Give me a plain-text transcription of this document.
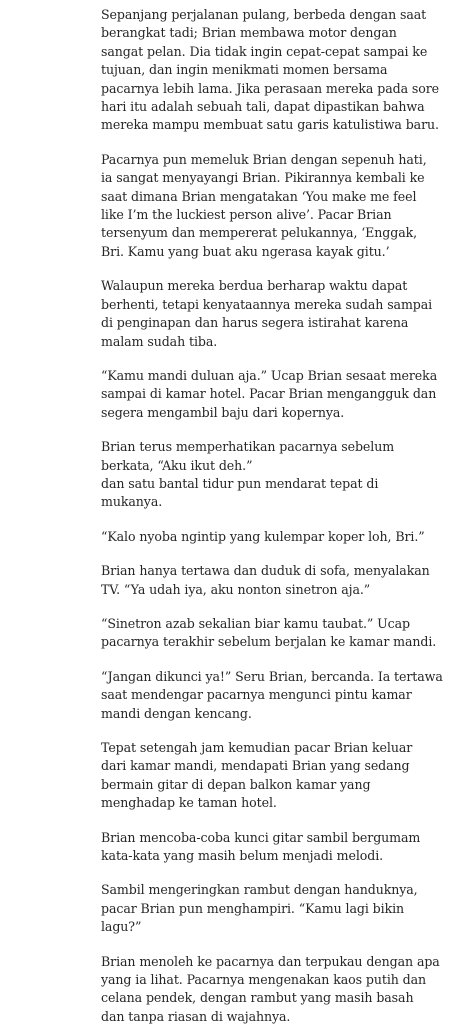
Sepanjang perjalanan pulang, berbeda dengan saat
berangkat tadi; Brian membawa motor dengan
sangat pelan. Dia tidak ingin cepat-cepat sampai ke
tujuan, dan ingin menikmati momen bersama
pacarnya lebih lama. Jika perasaan mereka pada sore
hari itu adalah sebuah tali, dapat dipastikan bahwa
mereka mampu membuat satu garis katulistiwa baru.

Pacarnya pun memeluk Brian dengan sepenuh hati,
ia sangat menyayangi Brian. Pikirannya kembali ke
saat dimana Brian mengatakan ‘You make me feel
like I’m the luckiest person alive’. Pacar Brian
tersenyum dan mempererat pelukannya, ‘Enggak,
Bri. Kamu yang buat aku ngerasa kayak gitu.’

Walaupun mereka berdua berharap waktu dapat
berhenti, tetapi kenyataannya mereka sudah sampai
di penginapan dan harus segera istirahat karena
malam sudah tiba.

“Kamu mandi duluan aja.” Ucap Brian sesaat mereka
sampai di kamar hotel. Pacar Brian mengangguk dan
segera mengambil baju dari kopernya.

Brian terus memperhatikan pacarnya sebelum
berkata, “Aku ikut deh.”
dan satu bantal tidur pun mendarat tepat di
mukanya.

“Kalo nyoba ngintip yang kulempar koper loh, Bri.”

Brian hanya tertawa dan duduk di sofa, menyalakan
TV. “Ya udah iya, aku nonton sinetron aja.”

“Sinetron azab sekalian biar kamu taubat.” Ucap
pacarnya terakhir sebelum berjalan ke kamar mandi.

“Jangan dikunci ya!” Seru Brian, bercanda. Ia tertawa
saat mendengar pacarnya mengunci pintu kamar
mandi dengan kencang.

Tepat setengah jam kemudian pacar Brian keluar
dari kamar mandi, mendapati Brian yang sedang
bermain gitar di depan balkon kamar yang
menghadap ke taman hotel.

Brian mencoba-coba kunci gitar sambil bergumam
kata-kata yang masih belum menjadi melodi.

Sambil mengeringkan rambut dengan handuknya,
pacar Brian pun menghampiri. “Kamu lagi bikin
lagu?”

Brian menoleh ke pacarnya dan terpukau dengan apa
yang ia lihat. Pacarnya mengenakan kaos putih dan
celana pendek, dengan rambut yang masih basah
dan tanpa riasan di wajahnya.
